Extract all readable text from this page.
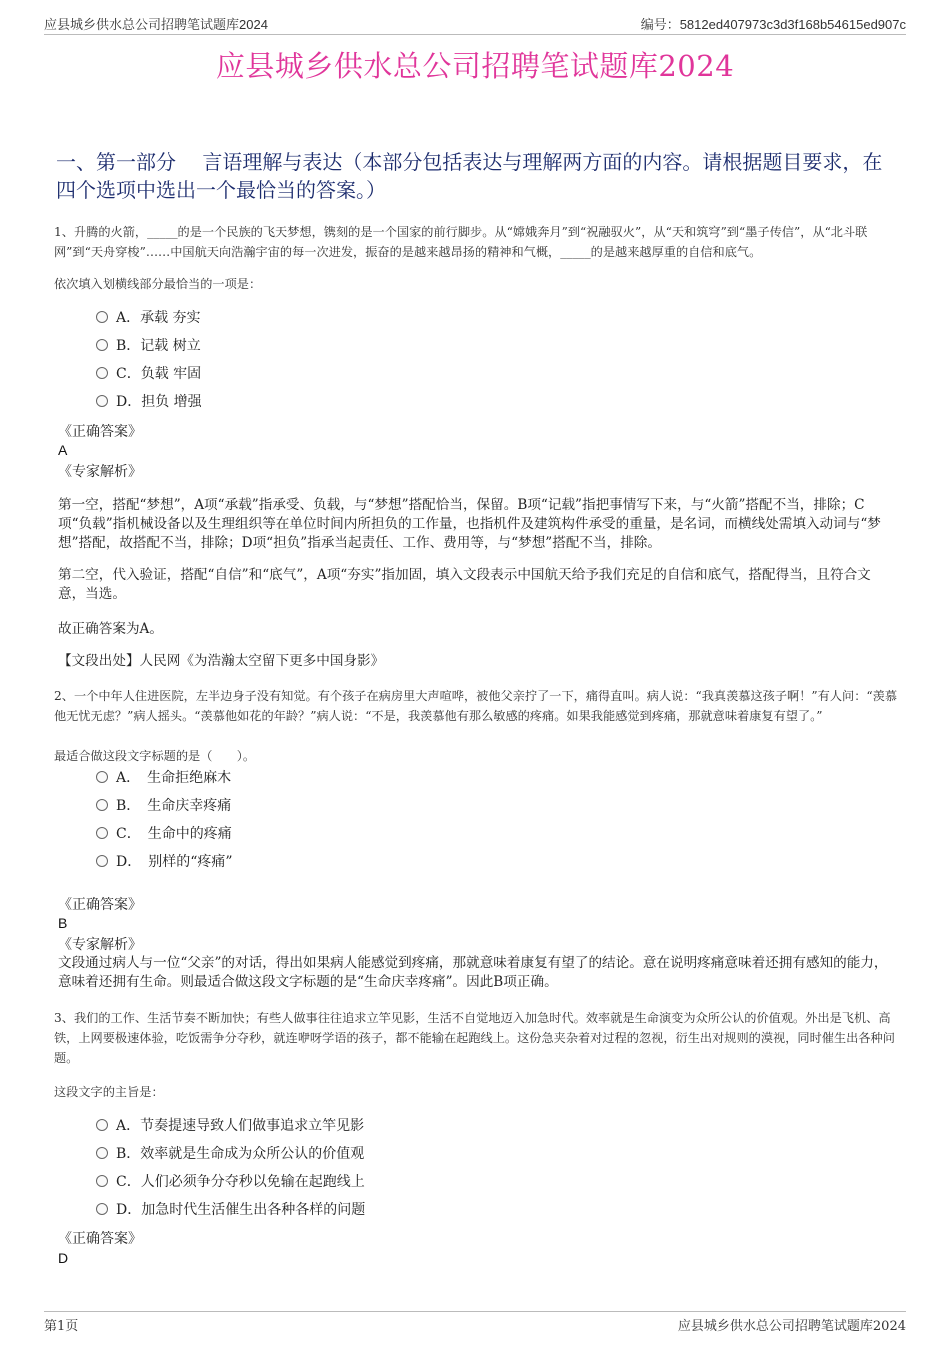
应县城乡供水总公司招聘笔试题库2024	编号：5812ed407973c3d3f168b54615ed907c
应县城乡供水总公司招聘笔试题库2024
一、第一部分　 言语理解与表达（本部分包括表达与理解两方面的内容。请根据题目要求，在四个选项中选出一个最恰当的答案。）
1、升腾的火箭，_____的是一个民族的飞天梦想，镌刻的是一个国家的前行脚步。从“嫦娥奔月”到“祝融驭火”，从“天和筑穹”到“墨子传信”，从“北斗联网”到“天舟穿梭”……中国航天向浩瀚宇宙的每一次进发，振奋的是越来越昂扬的精神和气概，_____的是越来越厚重的自信和底气。
依次填入划横线部分最恰当的一项是：
A．承载 夯实
B．记载 树立
C．负载 牢固
D．担负 增强
《正确答案》
A
《专家解析》
第一空，搭配“梦想”，A项“承载”指承受、负载，与“梦想”搭配恰当，保留。B项“记载”指把事情写下来，与“火箭”搭配不当，排除；C项“负载”指机械设备以及生理组织等在单位时间内所担负的工作量，也指机件及建筑构件承受的重量，是名词，而横线处需填入动词与“梦想”搭配，故搭配不当，排除；D项“担负”指承当起责任、工作、费用等，与“梦想”搭配不当，排除。
第二空，代入验证，搭配“自信”和“底气”，A项“夯实”指加固，填入文段表示中国航天给予我们充足的自信和底气，搭配得当，且符合文意，当选。
故正确答案为A。
【文段出处】人民网《为浩瀚太空留下更多中国身影》
2、一个中年人住进医院，左半边身子没有知觉。有个孩子在病房里大声喧哗，被他父亲拧了一下，痛得直叫。病人说：“我真羡慕这孩子啊！”有人问：“羡慕他无忧无虑？”病人摇头。“羡慕他如花的年龄？”病人说：“不是，我羡慕他有那么敏感的疼痛。如果我能感觉到疼痛，那就意味着康复有望了。”
最适合做这段文字标题的是（　　）。
A．　生命拒绝麻木
B．　生命庆幸疼痛
C．　生命中的疼痛
D．　别样的“疼痛”
《正确答案》
B
《专家解析》
文段通过病人与一位“父亲”的对话，得出如果病人能感觉到疼痛，那就意味着康复有望了的结论。意在说明疼痛意味着还拥有感知的能力，意味着还拥有生命。则最适合做这段文字标题的是“生命庆幸疼痛”。因此B项正确。
3、我们的工作、生活节奏不断加快；有些人做事往往追求立竿见影，生活不自觉地迈入加急时代。效率就是生命演变为众所公认的价值观。外出是飞机、高铁，上网要极速体验，吃饭需争分夺秒，就连咿呀学语的孩子，都不能输在起跑线上。这份急夹杂着对过程的忽视，衍生出对规则的漠视，同时催生出各种问题。
这段文字的主旨是：
A．节奏提速导致人们做事追求立竿见影
B．效率就是生命成为众所公认的价值观
C．人们必须争分夺秒以免输在起跑线上
D．加急时代生活催生出各种各样的问题
《正确答案》
D
第1页	应县城乡供水总公司招聘笔试题库2024
